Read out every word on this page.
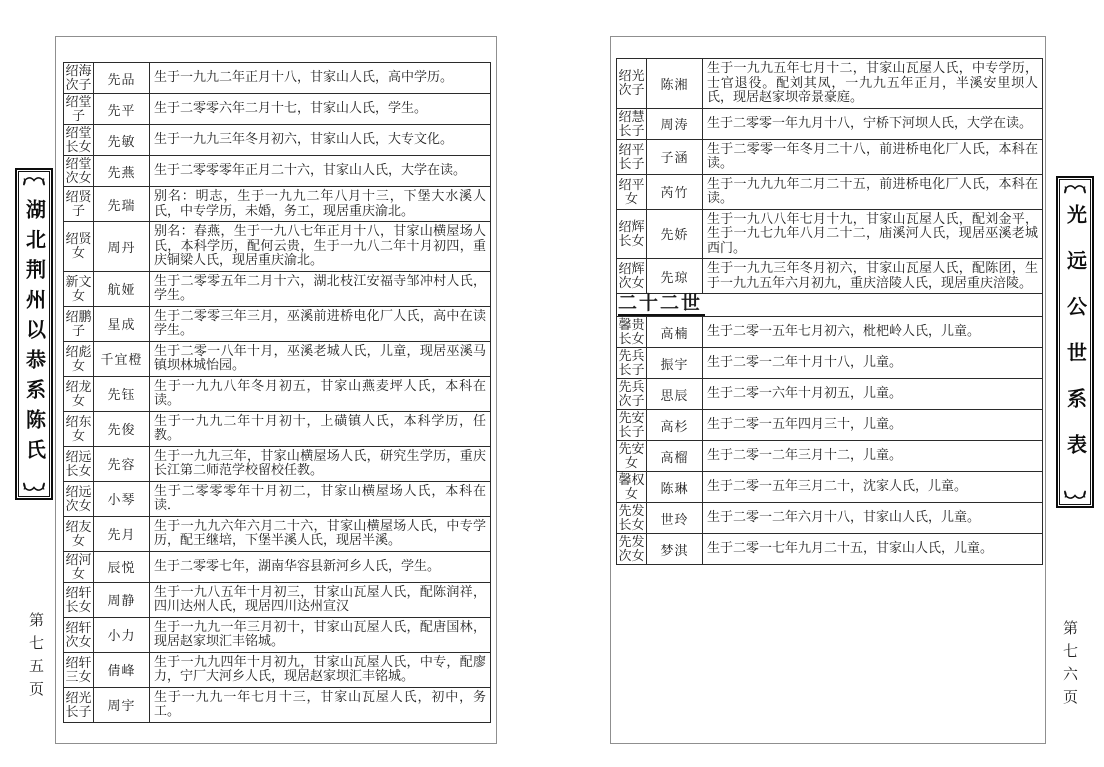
湖北荆州以恭系陈氏
绍海次子	先品	生于一九九二年正月十八，甘家山人氏，高中学历。
绍堂子	先平	生于二零零六年二月十七，甘家山人氏，学生。
绍堂长女	先敏	生于一九九三年冬月初六，甘家山人氏，大专文化。
绍堂次女	先燕	生于二零零零年正月二十六，甘家山人氏，大学在读。
绍贤子	先瑞	别名：明志，生于一九九二年八月十三，下堡大水溪人氏，中专学历，未婚，务工，现居重庆渝北。
绍贤女	周丹	别名：春燕，生于一九八七年正月十八，甘家山横屋场人氏，本科学历，配何云贵，生于一九八二年十月初四，重庆铜梁人氏，现居重庆渝北。
新文女	航娅	生于二零零五年二月十六，湖北枝江安福寺邹冲村人氏，学生。
绍鹏子	星成	生于二零零三年三月，巫溪前进桥电化厂人氏，高中在读学生。
绍彪女	千宜橙	生于二零一八年十月，巫溪老城人氏，儿童，现居巫溪马镇坝林城怡园。
绍龙女	先钰	生于一九九八年冬月初五，甘家山燕麦坪人氏，本科在读。
绍东女	先俊	生于一九九二年十月初十，上磺镇人氏，本科学历，任教。
绍远长女	先容	生于一九九三年，甘家山横屋场人氏，研究生学历，重庆长江第二师范学校留校任教。
绍远次女	小琴	生于二零零零年十月初二，甘家山横屋场人氏，本科在读．
绍友女	先月	生于一九九六年六月二十六，甘家山横屋场人氏，中专学历，配王继培，下堡半溪人氏，现居半溪。
绍河女	辰悦	生于二零零七年，湖南华容县新河乡人氏，学生。
绍轩长女	周静	生于一九八五年十月初三，甘家山瓦屋人氏，配陈润祥，四川达州人氏，现居四川达州宣汉
绍轩次女	小力	生于一九九一年三月初十，甘家山瓦屋人氏，配唐国林，现居赵家坝汇丰铭城。
绍轩三女	倩峰	生于一九九四年十月初九，甘家山瓦屋人氏，中专，配廖力，宁厂大河乡人氏，现居赵家坝汇丰铭城。
绍光长子	周宇	生于一九九一年七月十三，甘家山瓦屋人氏，初中，务工。
第七五页
绍光次子	陈湘	生于一九九五年七月十二，甘家山瓦屋人氏，中专学历，士官退役。配刘其凤，一九九五年正月，半溪安里坝人氏，现居赵家坝帝景豪庭。
绍慧长子	周涛	生于二零零一年九月十八，宁桥下河坝人氏，大学在读。
绍平长子	子涵	生于二零零一年冬月二十八，前进桥电化厂人氏，本科在读。
绍平女	芮竹	生于一九九九年二月二十五，前进桥电化厂人氏，本科在读。
绍辉长女	先娇	生于一九八八年七月十九，甘家山瓦屋人氏，配刘金平，生于一九七九年八月二十二，庙溪河人氏，现居巫溪老城西门。
绍辉次女	先琼	生于一九九三年冬月初六，甘家山瓦屋人氏，配陈团，生于一九九五年六月初九，重庆涪陵人氏，现居重庆涪陵。
二十二世		
馨贵长女	高楠	生于二零一五年七月初六，枇杷岭人氏，儿童。
先兵长子	振宇	生于二零一二年十月十八，儿童。
先兵次子	思辰	生于二零一六年十月初五，儿童。
先安长子	高杉	生于二零一五年四月三十，儿童。
先安女	高榴	生于二零一二年三月十二，儿童。
馨权女	陈琳	生于二零一五年三月二十，沈家人氏，儿童。
先发长女	世玲	生于二零一二年六月十八，甘家山人氏，儿童。
先发次女	梦淇	生于二零一七年九月二十五，甘家山人氏，儿童。
光远公世系表
第七六页
